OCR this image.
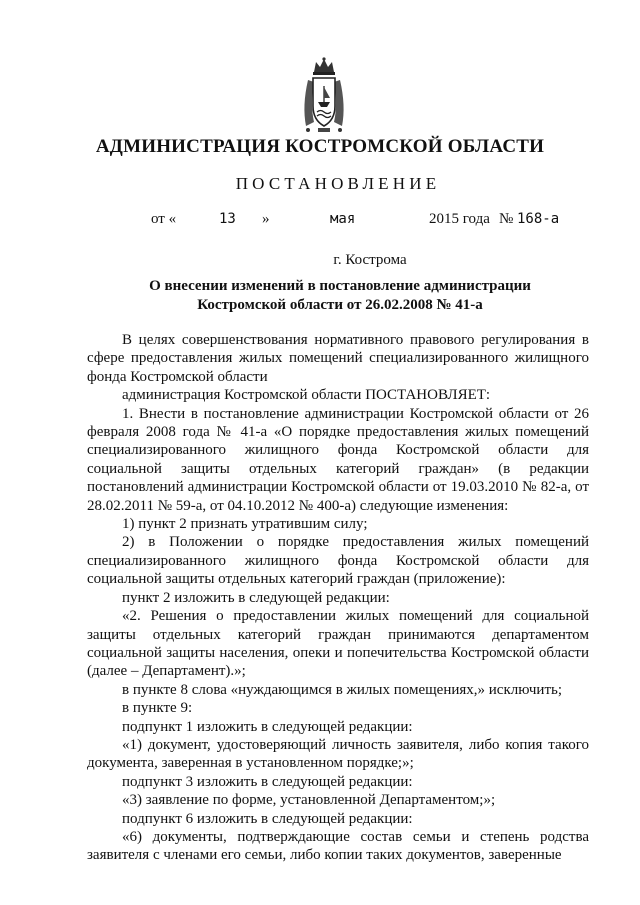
АДМИНИСТРАЦИЯ КОСТРОМСКОЙ ОБЛАСТИ
ПОСТАНОВЛЕНИЕ
от «	13 »	мая	2015 года № 168-а
г. Кострома
О внесении изменений в постановление администрации
Костромской области от 26.02.2008 № 41-а

В целях совершенствования нормативного правового регулирования в сфере предоставления жилых помещений специализированного жилищного фонда Костромской области

администрация Костромской области ПОСТАНОВЛЯЕТ:

1. Внести в постановление администрации Костромской области от 26 февраля 2008 года № 41-а «О порядке предоставления жилых помещений специализированного жилищного фонда Костромской области для социальной защиты отдельных категорий граждан» (в редакции постановлений администрации Костромской области от 19.03.2010 № 82-а, от 28.02.2011 № 59-а, от 04.10.2012 № 400-а) следующие изменения:

1) пункт 2 признать утратившим силу;

2) в Положении о порядке предоставления жилых помещений специализированного жилищного фонда Костромской области для социальной защиты отдельных категорий граждан (приложение):

пункт 2 изложить в следующей редакции:

«2. Решения о предоставлении жилых помещений для социальной защиты отдельных категорий граждан принимаются департаментом социальной защиты населения, опеки и попечительства Костромской области (далее – Департамент).»;

в пункте 8 слова «нуждающимся в жилых помещениях,» исключить;

в пункте 9:

подпункт 1 изложить в следующей редакции:

«1) документ, удостоверяющий личность заявителя, либо копия такого документа, заверенная в установленном порядке;»;

подпункт 3 изложить в следующей редакции:

«3) заявление по форме, установленной Департаментом;»;

подпункт 6 изложить в следующей редакции:

«6) документы, подтверждающие состав семьи и степень родства заявителя с членами его семьи, либо копии таких документов, заверенные
